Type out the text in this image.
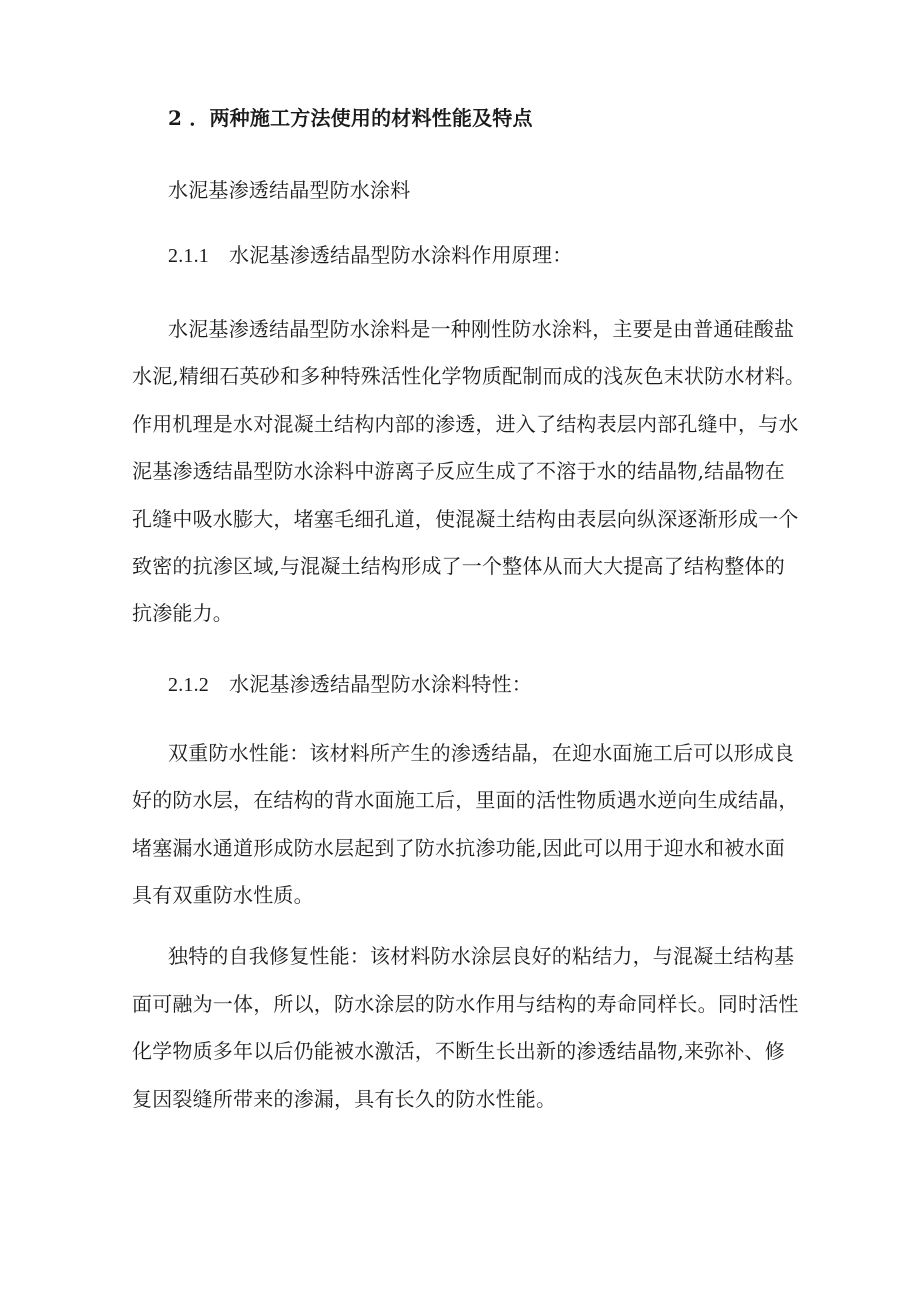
2 ．两种施工方法使用的材料性能及特点
水泥基渗透结晶型防水涂料
2.1.1 水泥基渗透结晶型防水涂料作用原理：
水泥基渗透结晶型防水涂料是一种刚性防水涂料，主要是由普通硅酸盐
水泥,精细石英砂和多种特殊活性化学物质配制而成的浅灰色末状防水材料。
作用机理是水对混凝土结构内部的渗透，进入了结构表层内部孔缝中，与水
泥基渗透结晶型防水涂料中游离子反应生成了不溶于水的结晶物,结晶物在
孔缝中吸水膨大，堵塞毛细孔道，使混凝土结构由表层向纵深逐渐形成一个
致密的抗渗区域,与混凝土结构形成了一个整体从而大大提高了结构整体的
抗渗能力。
2.1.2 水泥基渗透结晶型防水涂料特性：
双重防水性能：该材料所产生的渗透结晶，在迎水面施工后可以形成良
好的防水层，在结构的背水面施工后，里面的活性物质遇水逆向生成结晶，
堵塞漏水通道形成防水层起到了防水抗渗功能,因此可以用于迎水和被水面
具有双重防水性质。
独特的自我修复性能：该材料防水涂层良好的粘结力，与混凝土结构基
面可融为一体，所以，防水涂层的防水作用与结构的寿命同样长。同时活性
化学物质多年以后仍能被水激活，不断生长出新的渗透结晶物,来弥补、修
复因裂缝所带来的渗漏，具有长久的防水性能。
